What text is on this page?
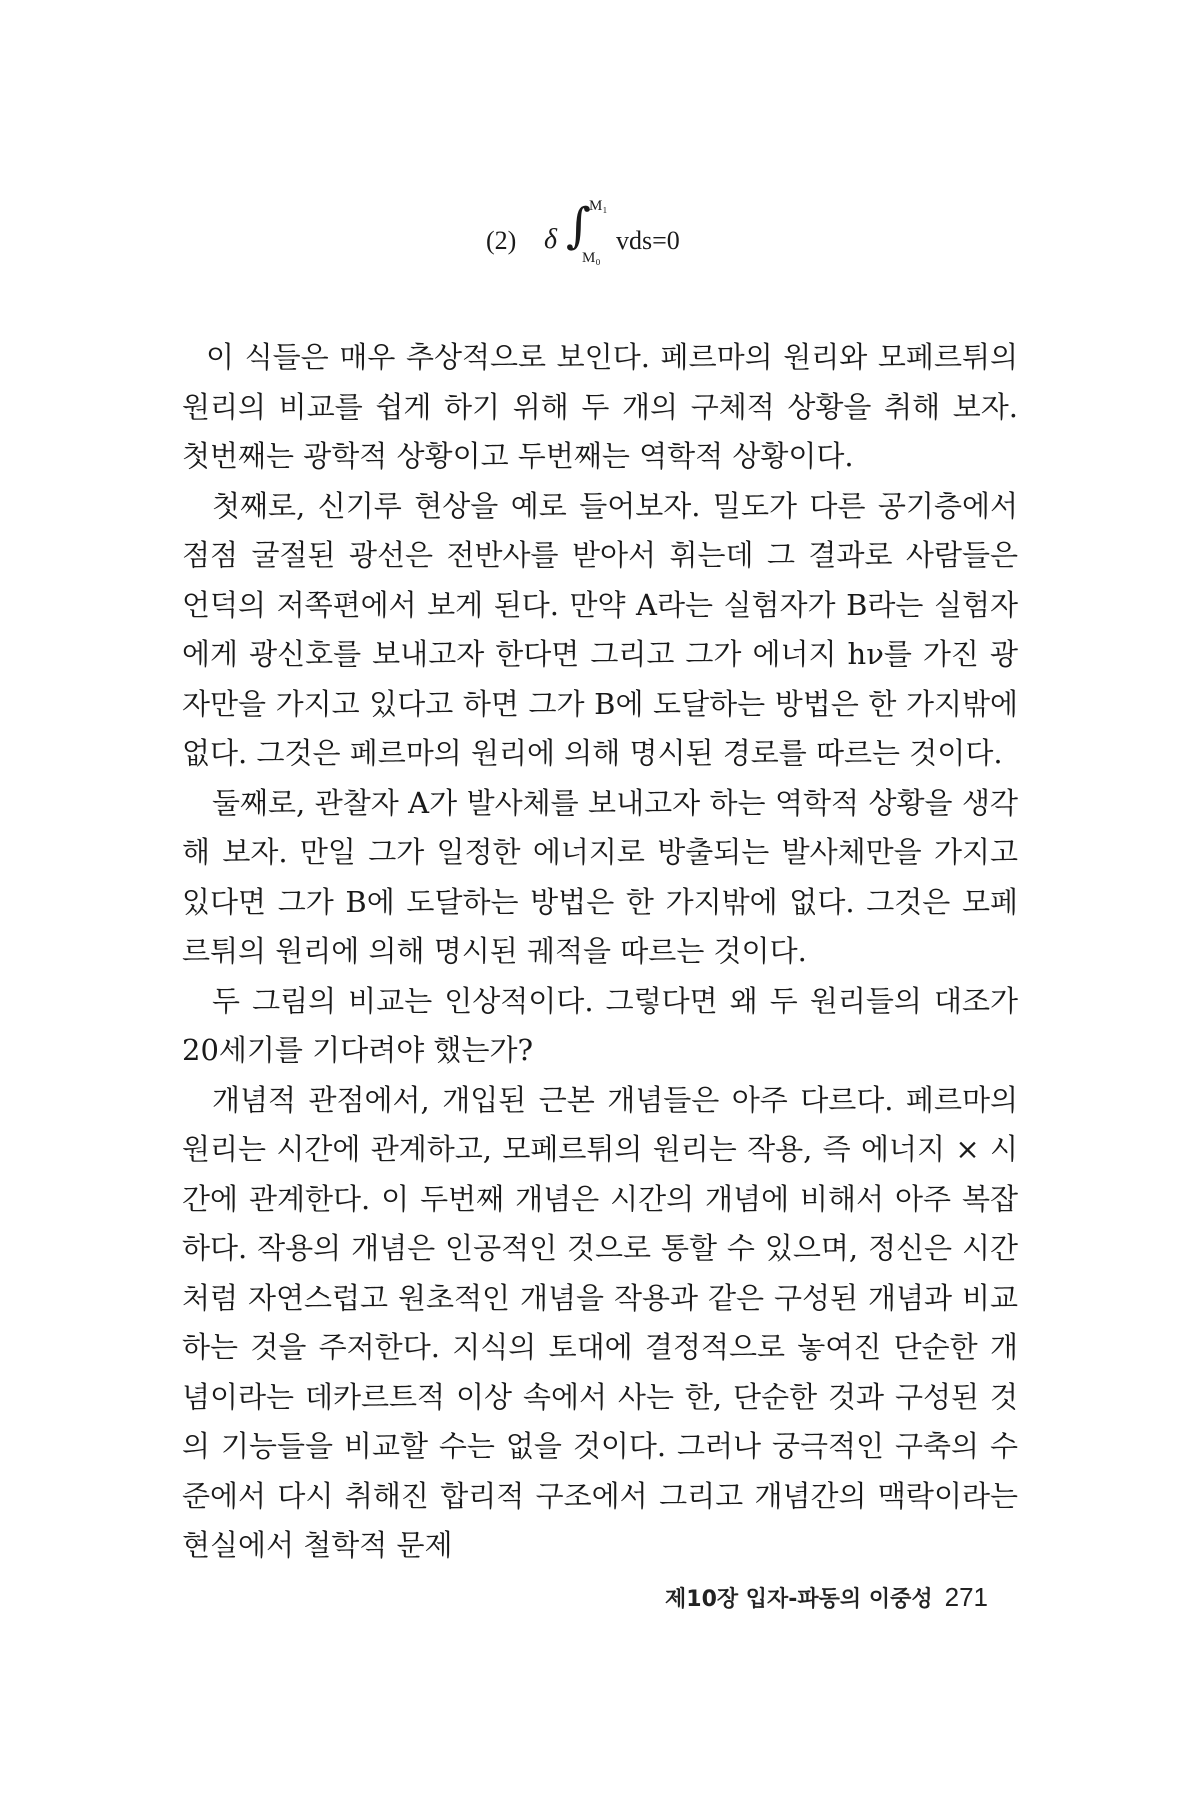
(2) δ ∫
M₁
M₀
vds=0

이 식들은 매우 추상적으로 보인다. 페르마의 원리와 모페르튀의 원리의 비교를 쉽게 하기 위해 두 개의 구체적 상황을 취해 보자. 첫번째는 광학적 상황이고 두번째는 역학적 상황이다.

첫째로, 신기루 현상을 예로 들어보자. 밀도가 다른 공기층에서 점점 굴절된 광선은 전반사를 받아서 휘는데 그 결과로 사람들은 언덕의 저쪽편에서 보게 된다. 만약 A라는 실험자가 B라는 실험자에게 광신호를 보내고자 한다면 그리고 그가 에너지 hν를 가진 광자만을 가지고 있다고 하면 그가 B에 도달하는 방법은 한 가지밖에 없다. 그것은 페르마의 원리에 의해 명시된 경로를 따르는 것이다.

둘째로, 관찰자 A가 발사체를 보내고자 하는 역학적 상황을 생각해 보자. 만일 그가 일정한 에너지로 방출되는 발사체만을 가지고 있다면 그가 B에 도달하는 방법은 한 가지밖에 없다. 그것은 모페르튀의 원리에 의해 명시된 궤적을 따르는 것이다.

두 그림의 비교는 인상적이다. 그렇다면 왜 두 원리들의 대조가 20세기를 기다려야 했는가?

개념적 관점에서, 개입된 근본 개념들은 아주 다르다. 페르마의 원리는 시간에 관계하고, 모페르튀의 원리는 작용, 즉 에너지 × 시간에 관계한다. 이 두번째 개념은 시간의 개념에 비해서 아주 복잡하다. 작용의 개념은 인공적인 것으로 통할 수 있으며, 정신은 시간처럼 자연스럽고 원초적인 개념을 작용과 같은 구성된 개념과 비교하는 것을 주저한다. 지식의 토대에 결정적으로 놓여진 단순한 개념이라는 데카르트적 이상 속에서 사는 한, 단순한 것과 구성된 것의 기능들을 비교할 수는 없을 것이다. 그러나 궁극적인 구축의 수준에서 다시 취해진 합리적 구조에서 그리고 개념간의 맥락이라는 현실에서 철학적 문제

제10장 입자-파동의 이중성 271
